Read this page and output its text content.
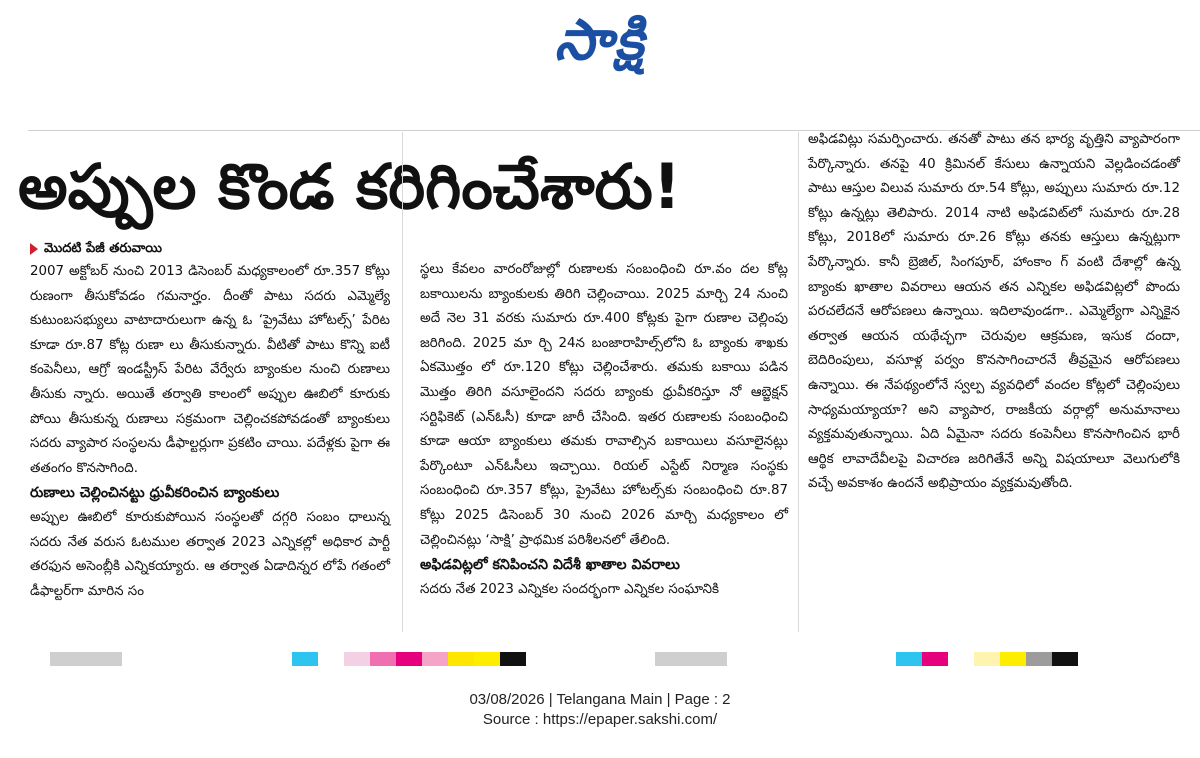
సాక్షి
అప్పుల కొండ కరిగించేశారు!
మొదటి పేజీ తరువాయి

2007 అక్టోబర్ నుంచి 2013 డిసెంబర్ మధ్యకాలంలో రూ.357 కోట్లు రుణంగా తీసుకోవడం గమనార్హం. దీంతో పాటు సదరు ఎమ్మెల్యే కుటుంబసభ్యులు వాటాదారులుగా ఉన్న ఓ ‘ప్రైవేటు హోటల్స్’ పేరిట కూడా రూ.87 కోట్ల రుణా లు తీసుకున్నారు. వీటితో పాటు కొన్ని ఐటీ కంపెనీలు, ఆగ్రో ఇండస్ట్రీస్ పేరిట వేర్వేరు బ్యాంకుల నుంచి రుణాలు తీసుకు న్నారు. అయితే తర్వాతి కాలంలో అప్పుల ఊబిలో కూరుకు పోయి తీసుకున్న రుణాలు సక్రమంగా చెల్లించకపోవడంతో బ్యాంకులు సదరు వ్యాపార సంస్థలను డీఫాల్టర్లుగా ప్రకటిం చాయి. పదేళ్లకు పైగా ఈ తతంగం కొనసాగింది.

రుణాలు చెల్లించినట్టు ధ్రువీకరించిన బ్యాంకులు

అప్పుల ఊబిలో కూరుకుపోయిన సంస్థలతో దగ్గరి సంబం ధాలున్న సదరు నేత వరుస ఓటముల తర్వాత 2023 ఎన్నికల్లో అధికార పార్టీ తరఫున అసెంబ్లీకి ఎన్నికయ్యారు. ఆ తర్వాత ఏడాదిన్నర లోపే గతంలో డీఫాల్టర్‌గా మారిన సం

స్థలు కేవలం వారంరోజుల్లో రుణాలకు సంబంధించి రూ.వం దల కోట్ల బకాయిలను బ్యాంకులకు తిరిగి చెల్లించాయి. 2025 మార్చి 24 నుంచి అదే నెల 31 వరకు సుమారు రూ.400 కోట్లకు పైగా రుణాల చెల్లింపు జరిగింది. 2025 మా ర్చి 24న బంజారాహిల్స్‌లోని ఓ బ్యాంకు శాఖకు ఏకమొత్తం లో రూ.120 కోట్లు చెల్లించేశారు. తమకు బకాయి పడిన మొత్తం తిరిగి వసూలైందని సదరు బ్యాంకు ధ్రువీకరిస్తూ నో ఆబ్జెక్షన్ సర్టిఫికెట్ (ఎన్‌ఓసీ) కూడా జారీ చేసింది. ఇతర రుణాలకు సంబంధించి కూడా ఆయా బ్యాంకులు తమకు రావాల్సిన బకాయిలు వసూలైనట్లు పేర్కొంటూ ఎన్‌ఓసీలు ఇచ్చాయి. రియల్ ఎస్టేట్ నిర్మాణ సంస్థకు సంబంధించి రూ.357 కోట్లు, ప్రైవేటు హోటల్స్‌కు సంబంధించి రూ.87 కోట్లు 2025 డిసెంబర్ 30 నుంచి 2026 మార్చి మధ్యకాలం లో చెల్లించినట్లు ‘సాక్షి’ ప్రాథమిక పరిశీలనలో తేలింది.

అఫిడవిట్లలో కనిపించని విదేశీ ఖాతాల వివరాలు

సదరు నేత 2023 ఎన్నికల సందర్భంగా ఎన్నికల సంఘానికి

అఫిడవిట్లు సమర్పించారు. తనతో పాటు తన భార్య వృత్తిని వ్యాపారంగా పేర్కొన్నారు. తనపై 40 క్రిమినల్ కేసులు ఉన్నాయని వెల్లడించడంతో పాటు ఆస్తుల విలువ సుమారు రూ.54 కోట్లు, అప్పులు సుమారు రూ.12 కోట్లు ఉన్నట్లు తెలిపారు. 2014 నాటి అఫిడవిట్‌లో సుమారు రూ.28 కోట్లు, 2018లో సుమారు రూ.26 కోట్లు తనకు ఆస్తులు ఉన్నట్లుగా పేర్కొన్నారు. కానీ బ్రెజిల్, సింగపూర్, హాంకాం గ్ వంటి దేశాల్లో ఉన్న బ్యాంకు ఖాతాల వివరాలు ఆయన తన ఎన్నికల అఫిడవిట్లలో పొందు పరచలేదనే ఆరోపణలు ఉన్నాయి. ఇదిలావుండగా.. ఎమ్మెల్యేగా ఎన్నికైన తర్వాత ఆయన యథేచ్ఛగా చెరువుల ఆక్రమణ, ఇసుక దందా, బెదిరింపులు, వసూళ్ల పర్వం కొనసాగించారనే తీవ్రమైన ఆరోపణలు ఉన్నాయి. ఈ నేపథ్యంలోనే స్వల్ప వ్యవధిలో వందల కోట్లలో చెల్లింపులు సాధ్యమయ్యాయా? అని వ్యాపార, రాజకీయ వర్గాల్లో అనుమానాలు వ్యక్తమవుతున్నాయి. ఏది ఏమైనా సదరు కంపెనీలు కొనసాగించిన భారీ ఆర్థిక లావాదేవీలపై విచారణ జరిగితేనే అన్ని విషయాలూ వెలుగులోకి వచ్చే అవకాశం ఉందనే అభిప్రాయం వ్యక్తమవుతోంది.

03/08/2026 | Telangana Main | Page : 2
Source : https://epaper.sakshi.com/
